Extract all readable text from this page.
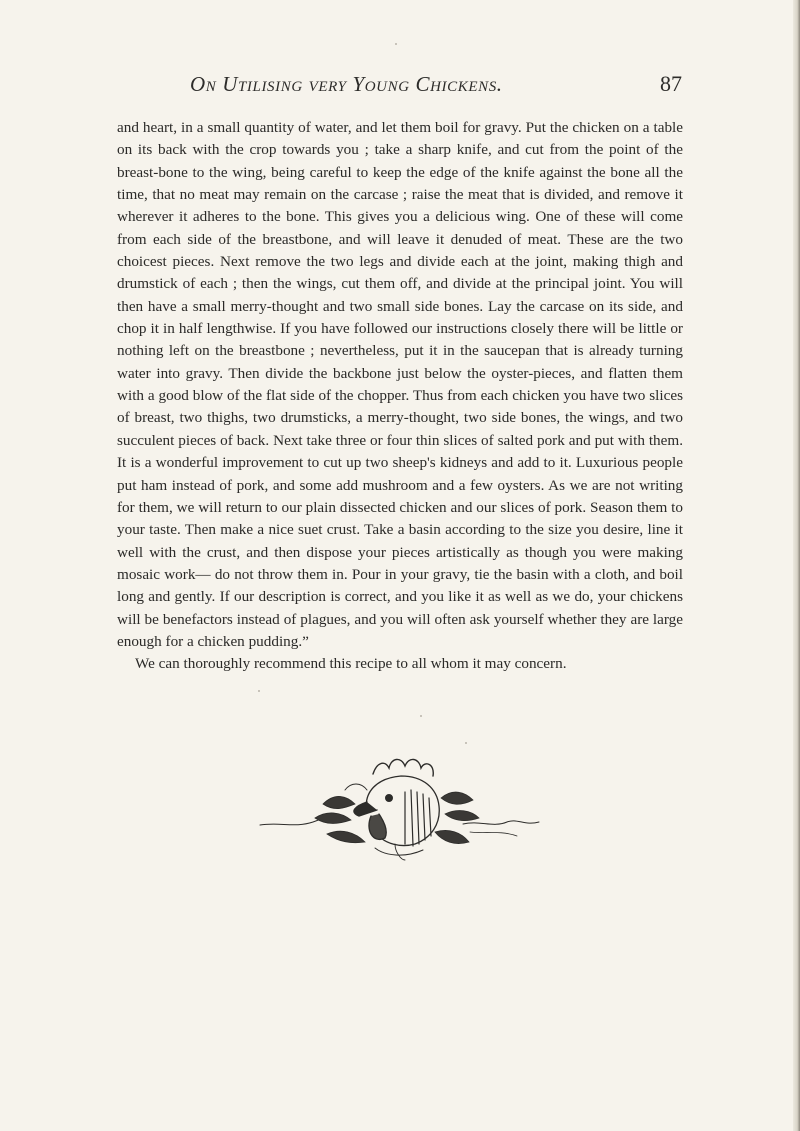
On Utilising very Young Chickens.	87

and heart, in a small quantity of water, and let them boil for gravy. Put the chicken on a table on its back with the crop towards you ; take a sharp knife, and cut from the point of the breast-bone to the wing, being careful to keep the edge of the knife against the bone all the time, that no meat may remain on the carcase ; raise the meat that is divided, and remove it wherever it adheres to the bone. This gives you a delicious wing. One of these will come from each side of the breastbone, and will leave it denuded of meat. These are the two choicest pieces. Next remove the two legs and divide each at the joint, making thigh and drumstick of each ; then the wings, cut them off, and divide at the principal joint. You will then have a small merry-thought and two small side bones. Lay the carcase on its side, and chop it in half lengthwise. If you have followed our instructions closely there will be little or nothing left on the breastbone ; nevertheless, put it in the saucepan that is already turning water into gravy. Then divide the backbone just below the oyster-pieces, and flatten them with a good blow of the flat side of the chopper. Thus from each chicken you have two slices of breast, two thighs, two drumsticks, a merry-thought, two side bones, the wings, and two succulent pieces of back. Next take three or four thin slices of salted pork and put with them. It is a wonderful improvement to cut up two sheep's kidneys and add to it. Luxurious people put ham instead of pork, and some add mushroom and a few oysters. As we are not writing for them, we will return to our plain dissected chicken and our slices of pork. Season them to your taste. Then make a nice suet crust. Take a basin according to the size you desire, line it well with the crust, and then dispose your pieces artistically as though you were making mosaic work— do not throw them in. Pour in your gravy, tie the basin with a cloth, and boil long and gently. If our description is correct, and you like it as well as we do, your chickens will be benefactors instead of plagues, and you will often ask yourself whether they are large enough for a chicken pudding.”

We can thoroughly recommend this recipe to all whom it may concern.
